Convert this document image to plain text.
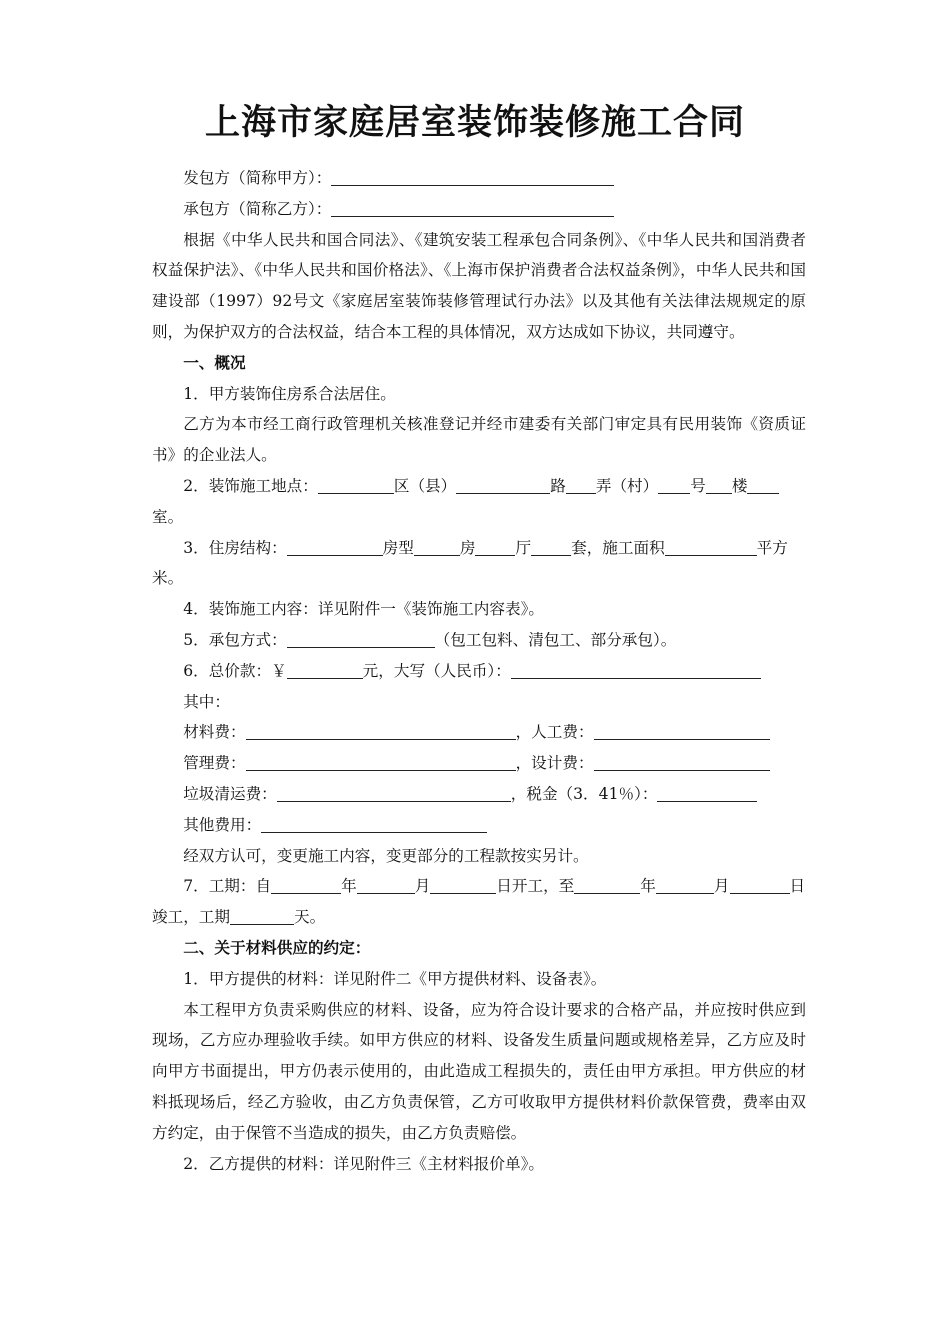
上海市家庭居室装饰装修施工合同

发包方（简称甲方）：

承包方（简称乙方）：

根据《中华人民共和国合同法》、《建筑安装工程承包合同条例》、《中华人民共和国消费者权益保护法》、《中华人民共和国价格法》、《上海市保护消费者合法权益条例》，中华人民共和国建设部（1997）92号文《家庭居室装饰装修管理试行办法》以及其他有关法律法规规定的原则，为保护双方的合法权益，结合本工程的具体情况，双方达成如下协议，共同遵守。

一、概况

1．甲方装饰住房系合法居住。

乙方为本市经工商行政管理机关核准登记并经市建委有关部门审定具有民用装饰《资质证书》的企业法人。

2．装饰施工地点：	区（县）	路 弄（村） 号 楼室。

3．住房结构：	房型	房	厅	套，施工面积	平方米。

4．装饰施工内容：详见附件一《装饰施工内容表》。

5．承包方式：	（包工包料、清包工、部分承包）。

6．总价款：￥	元，大写（人民币）：

其中：

材料费：	，人工费：

管理费：	，设计费：

垃圾清运费：	，税金（3．41％）：

其他费用：

经双方认可，变更施工内容，变更部分的工程款按实另计。

7．工期：自	年	月	日开工，至	年	月	日竣工，工期	天。

二、关于材料供应的约定：

1．甲方提供的材料：详见附件二《甲方提供材料、设备表》。

本工程甲方负责采购供应的材料、设备，应为符合设计要求的合格产品，并应按时供应到现场，乙方应办理验收手续。如甲方供应的材料、设备发生质量问题或规格差异，乙方应及时向甲方书面提出，甲方仍表示使用的，由此造成工程损失的，责任由甲方承担。甲方供应的材料抵现场后，经乙方验收，由乙方负责保管，乙方可收取甲方提供材料价款保管费，费率由双方约定，由于保管不当造成的损失，由乙方负责赔偿。

2．乙方提供的材料：详见附件三《主材料报价单》。
